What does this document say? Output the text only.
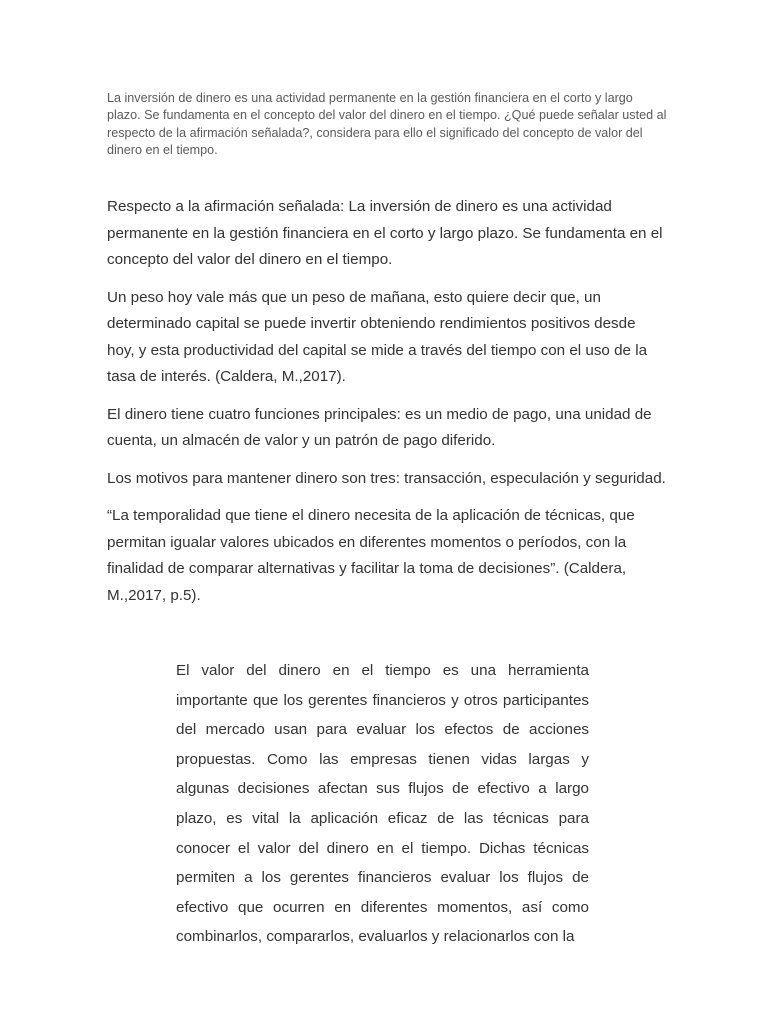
La inversión de dinero es una actividad permanente en la gestión financiera en el corto y largo plazo. Se fundamenta en el concepto del valor del dinero en el tiempo. ¿Qué puede señalar usted al respecto de la afirmación señalada?, considera para ello el significado del concepto de valor del dinero en el tiempo.

Respecto a la afirmación señalada: La inversión de dinero es una actividad permanente en la gestión financiera en el corto y largo plazo. Se fundamenta en el concepto del valor del dinero en el tiempo.

Un peso hoy vale más que un peso de mañana, esto quiere decir que, un determinado capital se puede invertir obteniendo rendimientos positivos desde hoy, y esta productividad del capital se mide a través del tiempo con el uso de la tasa de interés. (Caldera, M.,2017).

El dinero tiene cuatro funciones principales: es un medio de pago, una unidad de cuenta, un almacén de valor y un patrón de pago diferido.

Los motivos para mantener dinero son tres: transacción, especulación y seguridad.

“La temporalidad que tiene el dinero necesita de la aplicación de técnicas, que permitan igualar valores ubicados en diferentes momentos o períodos, con la finalidad de comparar alternativas y facilitar la toma de decisiones”. (Caldera, M.,2017, p.5).

El valor del dinero en el tiempo es una herramienta importante que los gerentes financieros y otros participantes del mercado usan para evaluar los efectos de acciones propuestas. Como las empresas tienen vidas largas y algunas decisiones afectan sus flujos de efectivo a largo plazo, es vital la aplicación eficaz de las técnicas para conocer el valor del dinero en el tiempo. Dichas técnicas permiten a los gerentes financieros evaluar los flujos de efectivo que ocurren en diferentes momentos, así como combinarlos, compararlos, evaluarlos y relacionarlos con la
